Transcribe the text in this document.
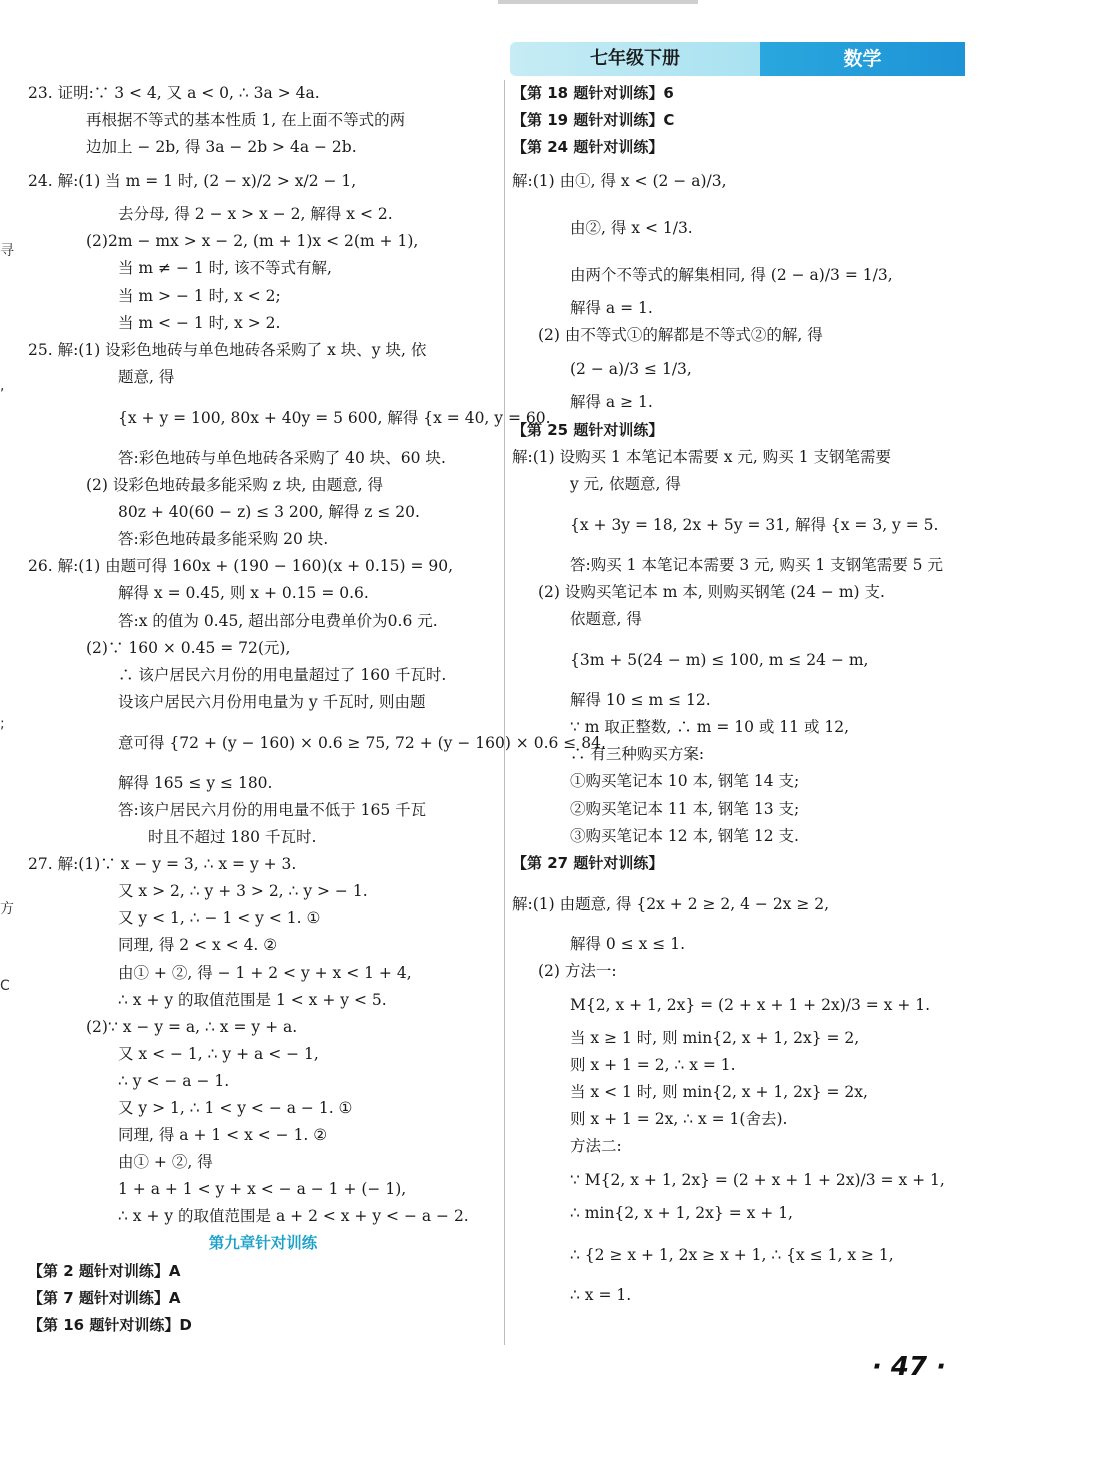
七年级下册	数学
寻
,
;
方
C
23. 证明:∵ 3 < 4, 又 a < 0, ∴ 3a > 4a.
再根据不等式的基本性质 1, 在上面不等式的两
边加上 − 2b, 得 3a − 2b > 4a − 2b.
24. 解:(1) 当 m = 1 时, (2 − x)/2 > x/2 − 1,
去分母, 得 2 − x > x − 2, 解得 x < 2.
(2)2m − mx > x − 2, (m + 1)x < 2(m + 1),
当 m ≠ − 1 时, 该不等式有解,
当 m > − 1 时, x < 2;
当 m < − 1 时, x > 2.
25. 解:(1) 设彩色地砖与单色地砖各采购了 x 块、y 块, 依
题意, 得
{x + y = 100, 80x + 40y = 5 600, 解得 {x = 40, y = 60.
答:彩色地砖与单色地砖各采购了 40 块、60 块.
(2) 设彩色地砖最多能采购 z 块, 由题意, 得
80z + 40(60 − z) ≤ 3 200, 解得 z ≤ 20.
答:彩色地砖最多能采购 20 块.
26. 解:(1) 由题可得 160x + (190 − 160)(x + 0.15) = 90,
解得 x = 0.45, 则 x + 0.15 = 0.6.
答:x 的值为 0.45, 超出部分电费单价为0.6 元.
(2)∵ 160 × 0.45 = 72(元),
∴ 该户居民六月份的用电量超过了 160 千瓦时.
设该户居民六月份用电量为 y 千瓦时, 则由题
意可得 {72 + (y − 160) × 0.6 ≥ 75, 72 + (y − 160) × 0.6 ≤ 84,
解得 165 ≤ y ≤ 180.
答:该户居民六月份的用电量不低于 165 千瓦
时且不超过 180 千瓦时.
27. 解:(1)∵ x − y = 3, ∴ x = y + 3.
又 x > 2, ∴ y + 3 > 2, ∴ y > − 1.
又 y < 1, ∴ − 1 < y < 1. ①
同理, 得 2 < x < 4. ②
由① + ②, 得 − 1 + 2 < y + x < 1 + 4,
∴ x + y 的取值范围是 1 < x + y < 5.
(2)∵ x − y = a, ∴ x = y + a.
又 x < − 1, ∴ y + a < − 1,
∴ y < − a − 1.
又 y > 1, ∴ 1 < y < − a − 1. ①
同理, 得 a + 1 < x < − 1. ②
由① + ②, 得
1 + a + 1 < y + x < − a − 1 + (− 1),
∴ x + y 的取值范围是 a + 2 < x + y < − a − 2.
第九章针对训练
【第 2 题针对训练】A
【第 7 题针对训练】A
【第 16 题针对训练】D
【第 18 题针对训练】6
【第 19 题针对训练】C
【第 24 题针对训练】
解:(1) 由①, 得 x < (2 − a)/3,
由②, 得 x < 1/3.
由两个不等式的解集相同, 得 (2 − a)/3 = 1/3,
解得 a = 1.
(2) 由不等式①的解都是不等式②的解, 得
(2 − a)/3 ≤ 1/3,
解得 a ≥ 1.
【第 25 题针对训练】
解:(1) 设购买 1 本笔记本需要 x 元, 购买 1 支钢笔需要
y 元, 依题意, 得
{x + 3y = 18, 2x + 5y = 31, 解得 {x = 3, y = 5.
答:购买 1 本笔记本需要 3 元, 购买 1 支钢笔需要 5 元
(2) 设购买笔记本 m 本, 则购买钢笔 (24 − m) 支.
依题意, 得
{3m + 5(24 − m) ≤ 100, m ≤ 24 − m,
解得 10 ≤ m ≤ 12.
∵ m 取正整数, ∴ m = 10 或 11 或 12,
∴ 有三种购买方案:
①购买笔记本 10 本, 钢笔 14 支;
②购买笔记本 11 本, 钢笔 13 支;
③购买笔记本 12 本, 钢笔 12 支.
【第 27 题针对训练】
解:(1) 由题意, 得 {2x + 2 ≥ 2, 4 − 2x ≥ 2,
解得 0 ≤ x ≤ 1.
(2) 方法一:
M{2, x + 1, 2x} = (2 + x + 1 + 2x)/3 = x + 1.
当 x ≥ 1 时, 则 min{2, x + 1, 2x} = 2,
则 x + 1 = 2, ∴ x = 1.
当 x < 1 时, 则 min{2, x + 1, 2x} = 2x,
则 x + 1 = 2x, ∴ x = 1(舍去).
方法二:
∵ M{2, x + 1, 2x} = (2 + x + 1 + 2x)/3 = x + 1,
∴ min{2, x + 1, 2x} = x + 1,
∴ {2 ≥ x + 1, 2x ≥ x + 1, ∴ {x ≤ 1, x ≥ 1,
∴ x = 1.
· 47 ·
